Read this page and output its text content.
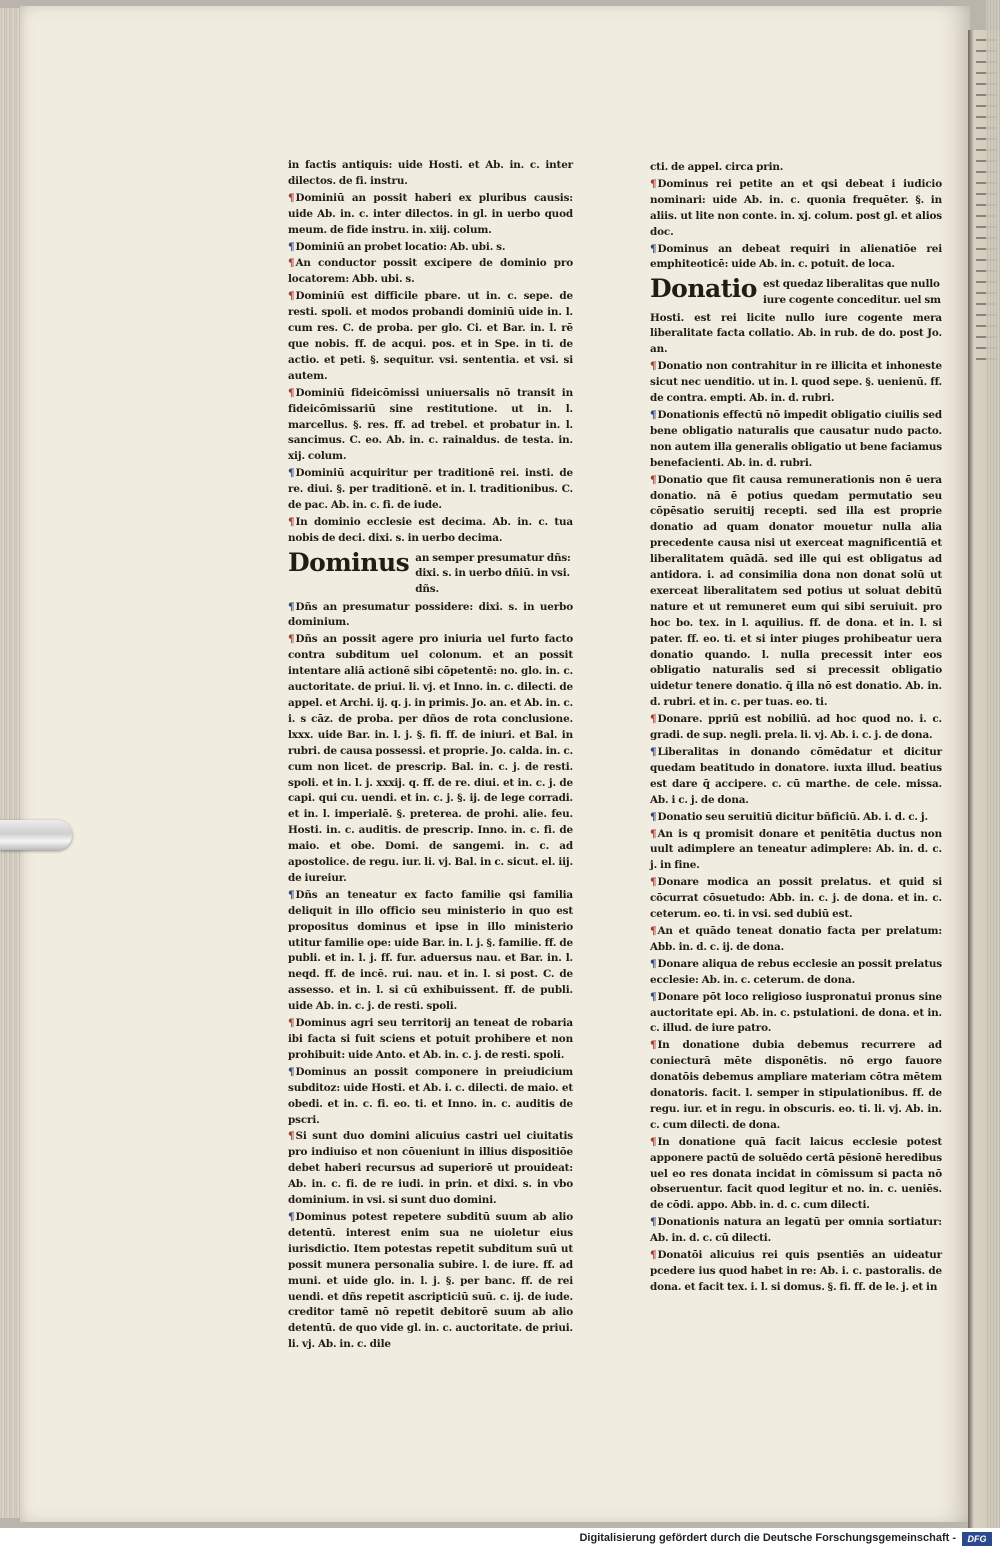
in factis antiquis: uide Hosti. et Ab. in. c. inter dilectos. de fi. instru.

¶Dominiū an possit haberi ex pluribus causis: uide Ab. in. c. inter dilectos. in gl. in uerbo quod meum. de fide instru. in. xiij. colum.

¶Dominiū an probet locatio: Ab. ubi. s.

¶An conductor possit excipere de dominio pro locatorem: Abb. ubi. s.

¶Dominiū est difficile pbare. ut in. c. sepe. de resti. spoli. et modos probandi dominiū uide in. l. cum res. C. de proba. per glo. Ci. et Bar. in. l. rē que nobis. ff. de acqui. pos. et in Spe. in ti. de actio. et peti. §. sequitur. vsi. sententia. et vsi. si autem.

¶Dominiū fideicōmissi uniuersalis nō transit in fideicōmissariū sine restitutione. ut in. l. marcellus. §. res. ff. ad trebel. et probatur in. l. sancimus. C. eo. Ab. in. c. rainaldus. de testa. in. xij. colum.

¶Dominiū acquiritur per traditionē rei. insti. de re. diui. §. per traditionē. et in. l. traditionibus. C. de pac. Ab. in. c. fi. de iude.

¶In dominio ecclesie est decima. Ab. in. c. tua nobis de deci. dixi. s. in uerbo decima.

Dominus an semper presumatur dñs: dixi. s. in uerbo dñiū. in vsi. dñs.

¶Dñs an presumatur possidere: dixi. s. in uerbo dominium.

¶Dñs an possit agere pro iniuria uel furto facto contra subditum uel colonum. et an possit intentare aliā actionē sibi cōpetentē: no. glo. in. c. auctoritate. de priui. li. vj. et Inno. in. c. dilecti. de appel. et Archi. ij. q. j. in primis. Jo. an. et Ab. in. c. i. s cāz. de proba. per dños de rota conclusione. lxxx. uide Bar. in. l. j. §. fi. ff. de iniuri. et Bal. in rubri. de causa possessi. et proprie. Jo. calda. in. c. cum non licet. de prescrip. Bal. in. c. j. de resti. spoli. et in. l. j. xxxij. q. ff. de re. diui. et in. c. j. de capi. qui cu. uendi. et in. c. j. §. ij. de lege corradi. et in. l. imperialē. §. preterea. de prohi. alie. feu. Hosti. in. c. auditis. de prescrip. Inno. in. c. fi. de maio. et obe. Domi. de sangemi. in. c. ad apostolice. de regu. iur. li. vj. Bal. in c. sicut. el. iij. de iureiur.

¶Dñs an teneatur ex facto familie qsi familia deliquit in illo officio seu ministerio in quo est propositus dominus et ipse in illo ministerio utitur familie ope: uide Bar. in. l. j. §. familie. ff. de publi. et in. l. j. ff. fur. aduersus nau. et Bar. in. l. neqd. ff. de incē. rui. nau. et in. l. si post. C. de assesso. et in. l. si cū exhibuissent. ff. de publi. uide Ab. in. c. j. de resti. spoli.

¶Dominus agri seu territorij an teneat de robaria ibi facta si fuit sciens et potuit prohibere et non prohibuit: uide Anto. et Ab. in. c. j. de resti. spoli.

¶Dominus an possit componere in preiudicium subditoz: uide Hosti. et Ab. i. c. dilecti. de maio. et obedi. et in. c. fi. eo. ti. et Inno. in. c. auditis de pscri.

¶Si sunt duo domini alicuius castri uel ciuitatis pro indiuiso et non cōueniunt in illius dispositiōe debet haberi recursus ad superiorē ut prouideat: Ab. in. c. fi. de re iudi. in prin. et dixi. s. in vbo dominium. in vsi. si sunt duo domini.

¶Dominus potest repetere subditū suum ab alio detentū. interest enim sua ne uioletur eius iurisdictio. Item potestas repetit subditum suū ut possit munera personalia subire. l. de iure. ff. ad muni. et uide glo. in. l. j. §. per banc. ff. de rei uendi. et dñs repetit ascripticiū suū. c. ij. de iude. creditor tamē nō repetit debitorē suum ab alio detentū. de quo vide gl. in. c. auctoritate. de priui. li. vj. Ab. in. c. dile

cti. de appel. circa prin.

¶Dominus rei petite an et qsi debeat i iudicio nominari: uide Ab. in. c. quonia frequēter. §. in aliis. ut lite non conte. in. xj. colum. post gl. et alios doc.

¶Dominus an debeat requiri in alienatiōe rei emphiteoticē: uide Ab. in. c. potuit. de loca.

Donatio est quedaz liberalitas que nullo iure cogente conceditur. uel sm

Hosti. est rei licite nullo iure cogente mera liberalitate facta collatio. Ab. in rub. de do. post Jo. an.

¶Donatio non contrahitur in re illicita et inhoneste sicut nec uenditio. ut in. l. quod sepe. §. uenienū. ff. de contra. empti. Ab. in. d. rubri.

¶Donationis effectū nō impedit obligatio ciuilis sed bene obligatio naturalis que causatur nudo pacto. non autem illa generalis obligatio ut bene faciamus benefacienti. Ab. in. d. rubri.

¶Donatio que fit causa remunerationis non ē uera donatio. nā ē potius quedam permutatio seu cōpēsatio seruitij recepti. sed illa est proprie donatio ad quam donator mouetur nulla alia precedente causa nisi ut exerceat magnificentiā et liberalitatem quādā. sed ille qui est obligatus ad antidora. i. ad consimilia dona non donat solū ut exerceat liberalitatem sed potius ut soluat debitū nature et ut remuneret eum qui sibi seruiuit. pro hoc bo. tex. in l. aquilius. ff. de dona. et in. l. si pater. ff. eo. ti. et si inter piuges prohibeatur uera donatio quando. l. nulla precessit inter eos obligatio naturalis sed si precessit obligatio uidetur tenere donatio. q̄ illa nō est donatio. Ab. in. d. rubri. et in. c. per tuas. eo. ti.

¶Donare. ppriū est nobiliū. ad hoc quod no. i. c. gradi. de sup. negli. prela. li. vj. Ab. i. c. j. de dona.

¶Liberalitas in donando cōmēdatur et dicitur quedam beatitudo in donatore. iuxta illud. beatius est dare q̄ accipere. c. cū marthe. de cele. missa. Ab. i c. j. de dona.

¶Donatio seu seruitiū dicitur bñficiū. Ab. i. d. c. j.

¶An is q promisit donare et penitētia ductus non uult adimplere an teneatur adimplere: Ab. in. d. c. j. in fine.

¶Donare modica an possit prelatus. et quid si cōcurrat cōsuetudo: Abb. in. c. j. de dona. et in. c. ceterum. eo. ti. in vsi. sed dubiū est.

¶An et quādo teneat donatio facta per prelatum: Abb. in. d. c. ij. de dona.

¶Donare aliqua de rebus ecclesie an possit prelatus ecclesie: Ab. in. c. ceterum. de dona.

¶Donare pōt loco religioso iuspronatui pronus sine auctoritate epi. Ab. in. c. pstulationi. de dona. et in. c. illud. de iure patro.

¶In donatione dubia debemus recurrere ad coniecturā mēte disponētis. nō ergo fauore donatōis debemus ampliare materiam cōtra mētem donatoris. facit. l. semper in stipulationibus. ff. de regu. iur. et in regu. in obscuris. eo. ti. li. vj. Ab. in. c. cum dilecti. de dona.

¶In donatione quā facit laicus ecclesie potest apponere pactū de soluēdo certā pēsionē heredibus uel eo res donata incidat in cōmissum si pacta nō obseruentur. facit quod legitur et no. in. c. ueniēs. de cōdi. appo. Abb. in. d. c. cum dilecti.

¶Donationis natura an legatū per omnia sortiatur: Ab. in. d. c. cū dilecti.

¶Donatōi alicuius rei quis psentiēs an uideatur pcedere ius quod habet in re: Ab. i. c. pastoralis. de dona. et facit tex. i. l. si domus. §. fi. ff. de le. j. et in

Digitalisierung gefördert durch die Deutsche Forschungsgemeinschaft -	DFG
